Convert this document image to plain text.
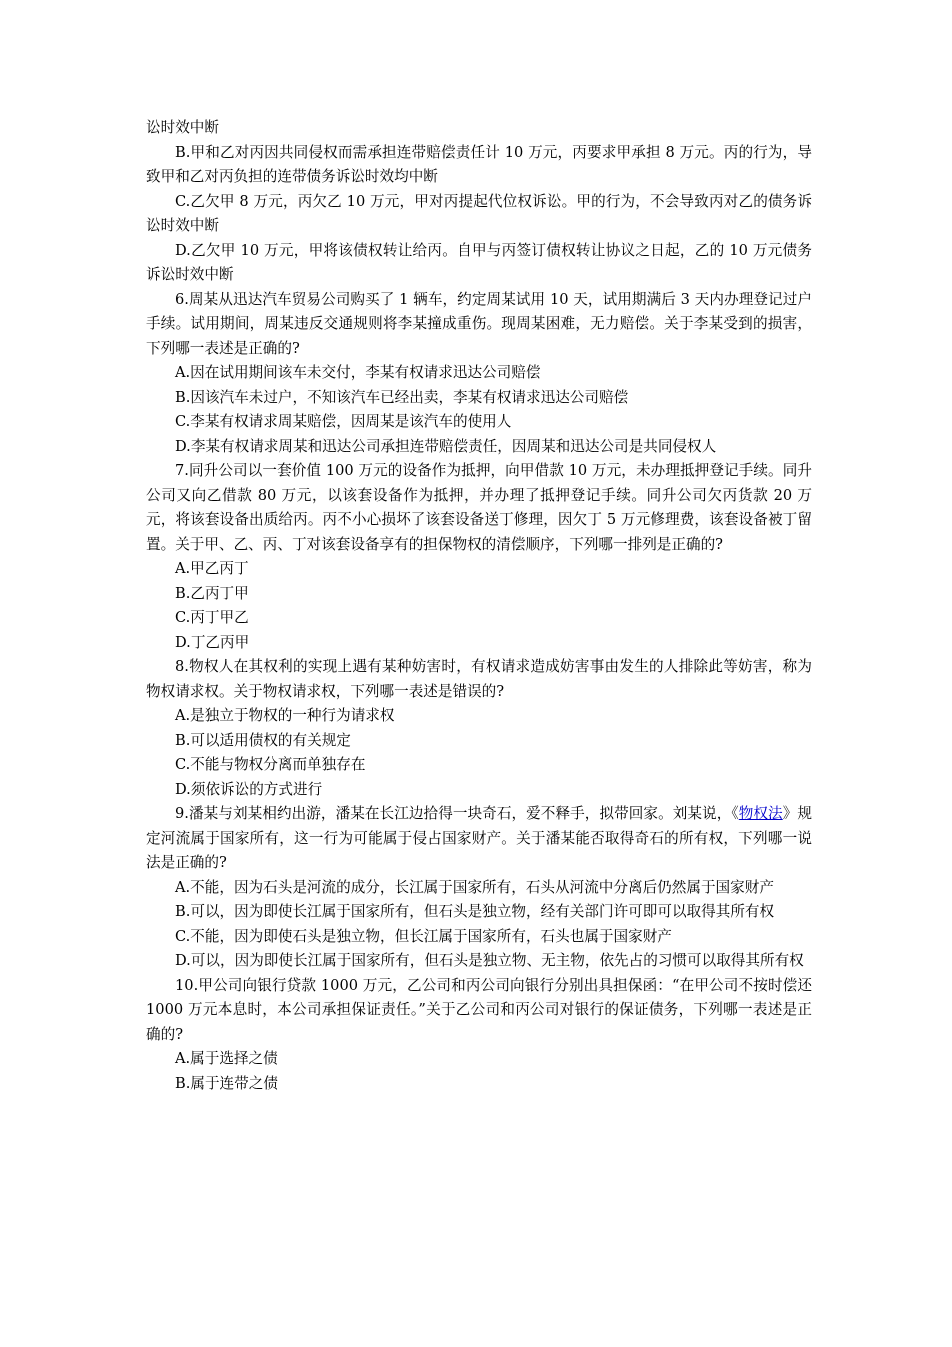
讼时效中断

B.甲和乙对丙因共同侵权而需承担连带赔偿责任计 10 万元，丙要求甲承担 8 万元。丙的行为，导致甲和乙对丙负担的连带债务诉讼时效均中断

C.乙欠甲 8 万元，丙欠乙 10 万元，甲对丙提起代位权诉讼。甲的行为，不会导致丙对乙的债务诉讼时效中断

D.乙欠甲 10 万元，甲将该债权转让给丙。自甲与丙签订债权转让协议之日起，乙的 10 万元债务诉讼时效中断

6.周某从迅达汽车贸易公司购买了 1 辆车，约定周某试用 10 天，试用期满后 3 天内办理登记过户手续。试用期间，周某违反交通规则将李某撞成重伤。现周某困难，无力赔偿。关于李某受到的损害，下列哪一表述是正确的?

A.因在试用期间该车未交付，李某有权请求迅达公司赔偿

B.因该汽车未过户，不知该汽车已经出卖，李某有权请求迅达公司赔偿

C.李某有权请求周某赔偿，因周某是该汽车的使用人

D.李某有权请求周某和迅达公司承担连带赔偿责任，因周某和迅达公司是共同侵权人

7.同升公司以一套价值 100 万元的设备作为抵押，向甲借款 10 万元，未办理抵押登记手续。同升公司又向乙借款 80 万元，以该套设备作为抵押，并办理了抵押登记手续。同升公司欠丙货款 20 万元，将该套设备出质给丙。丙不小心损坏了该套设备送丁修理，因欠丁 5 万元修理费，该套设备被丁留置。关于甲、乙、丙、丁对该套设备享有的担保物权的清偿顺序，下列哪一排列是正确的?

A.甲乙丙丁

B.乙丙丁甲

C.丙丁甲乙

D.丁乙丙甲

8.物权人在其权利的实现上遇有某种妨害时，有权请求造成妨害事由发生的人排除此等妨害，称为物权请求权。关于物权请求权，下列哪一表述是错误的?

A.是独立于物权的一种行为请求权

B.可以适用债权的有关规定

C.不能与物权分离而单独存在

D.须依诉讼的方式进行

9.潘某与刘某相约出游，潘某在长江边拾得一块奇石，爱不释手，拟带回家。刘某说，《物权法》规定河流属于国家所有，这一行为可能属于侵占国家财产。关于潘某能否取得奇石的所有权，下列哪一说法是正确的?

A.不能，因为石头是河流的成分，长江属于国家所有，石头从河流中分离后仍然属于国家财产

B.可以，因为即使长江属于国家所有，但石头是独立物，经有关部门许可即可以取得其所有权

C.不能，因为即使石头是独立物，但长江属于国家所有，石头也属于国家财产

D.可以，因为即使长江属于国家所有，但石头是独立物、无主物，依先占的习惯可以取得其所有权

10.甲公司向银行贷款 1000 万元，乙公司和丙公司向银行分别出具担保函：“在甲公司不按时偿还 1000 万元本息时，本公司承担保证责任。”关于乙公司和丙公司对银行的保证债务，下列哪一表述是正确的?

A.属于选择之债

B.属于连带之债
